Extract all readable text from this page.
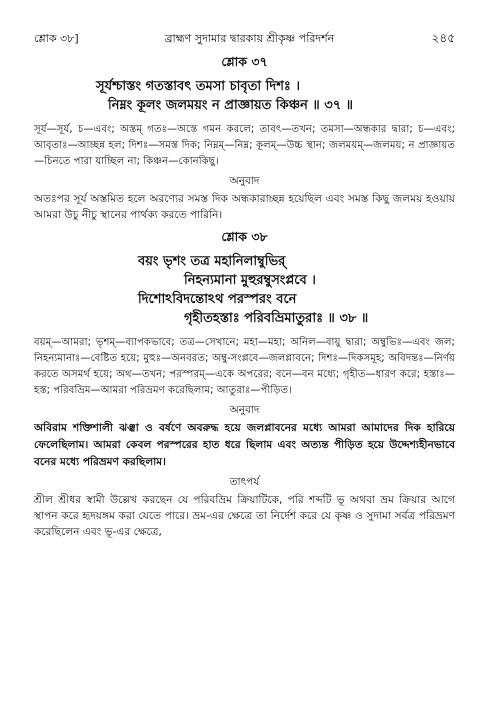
শ্লোক ৩৮]	ব্রাহ্মণ সুদামার দ্বারকায় শ্রীকৃষ্ণ পরিদর্শন	২৪৫
শ্লোক ৩৭
সূর্যশ্চাস্তং গতস্তাবৎ তমসা চাবৃতা দিশঃ ।
নিম্নং কূলং জলময়ং ন প্রাজ্ঞায়ত কিঞ্চন ॥ ৩৭ ॥
সূর্য—সূর্য, চ—এবং; অস্তম্ গতঃ—অস্তে গমন করলে; তাবৎ—তখন; তমসা—অন্ধকার দ্বারা; চ—এবং; আবৃতাঃ—আচ্ছন্ন হল; দিশঃ—সমস্ত দিক; নিম্নম্—নিম্ন; কূলম্—উচ্চ স্থান; জলময়ম্—জলময়; ন প্রাজ্ঞায়ত—চিনতে পারা যাচ্ছিল না; কিঞ্চন—কোনকিছু।
অনুবাদ
অতঃপর সূর্য অস্তমিত হলে অরণ্যের সমস্ত দিক অন্ধকারাচ্ছন্ন হয়েছিল এবং সমস্ত কিছু জলময় হওয়ায় আমরা উচু নীচু স্থানের পার্থক্য করতে পারিনি।
শ্লোক ৩৮
বয়ং ভৃশং তত্র মহানিলাম্বুভির্
নিহন্যমানা মুহুরম্বুসংপ্লবে ।
দিশোঽবিদন্তোঽথ পরস্পরং বনে
গৃহীতহস্তাঃ পরিবভ্রিমাতুরাঃ ॥ ৩৮ ॥
বয়ম্—আমরা; ভৃশম্—ব্যাপকভাবে; তত্র—সেখানে; মহা—মহা; অনিল—বায়ু দ্বারা; অম্বুভিঃ—এবং জল; নিহন্যমানাঃ—বেষ্টিত হয়ে; মুহুঃ—অনবরত; অম্বু-সংপ্লবে—জলপ্লাবনে; দিশঃ—দিকসমূহ; অবিদন্তঃ—নির্ণয় করতে অসমর্থ হয়ে; অথ—তখন; পরস্পরম্—একে অপরের; বনে—বন মধ্যে; গৃহীত—ধারণ করে; হস্তাঃ—হস্ত; পরিবভ্রিম—আমরা পরিভ্রমণ করেছিলাম; আতুরাঃ—পীড়িত।
অনুবাদ
অবিরাম শক্তিশালী ঝঞ্ঝা ও বর্ষণে অবরুদ্ধ হয়ে জলপ্লাবনের মধ্যে আমরা আমাদের দিক হারিয়ে ফেলেছিলাম। আমরা কেবল পরস্পরের হাত ধরে ছিলাম এবং অত্যন্ত পীড়িত হয়ে উদ্দেশ্যহীনভাবে বনের মধ্যে পরিভ্রমণ করছিলাম।
তাৎপর্য
শ্রীল শ্রীধর স্বামী উল্লেখ করছেন যে পরিবভ্রিম ক্রিয়াটিকে, পরি শব্দটি ভূ অথবা ভ্রম ক্রিয়ার আগে স্থাপন করে হৃদয়ঙ্গম করা যেতে পারে। ভ্রম-এর ক্ষেত্রে তা নির্দেশ করে যে কৃষ্ণ ও সুদামা সর্বত্র পরিভ্রমণ করেছিলেন এবং ভূ-এর ক্ষেত্রে,
